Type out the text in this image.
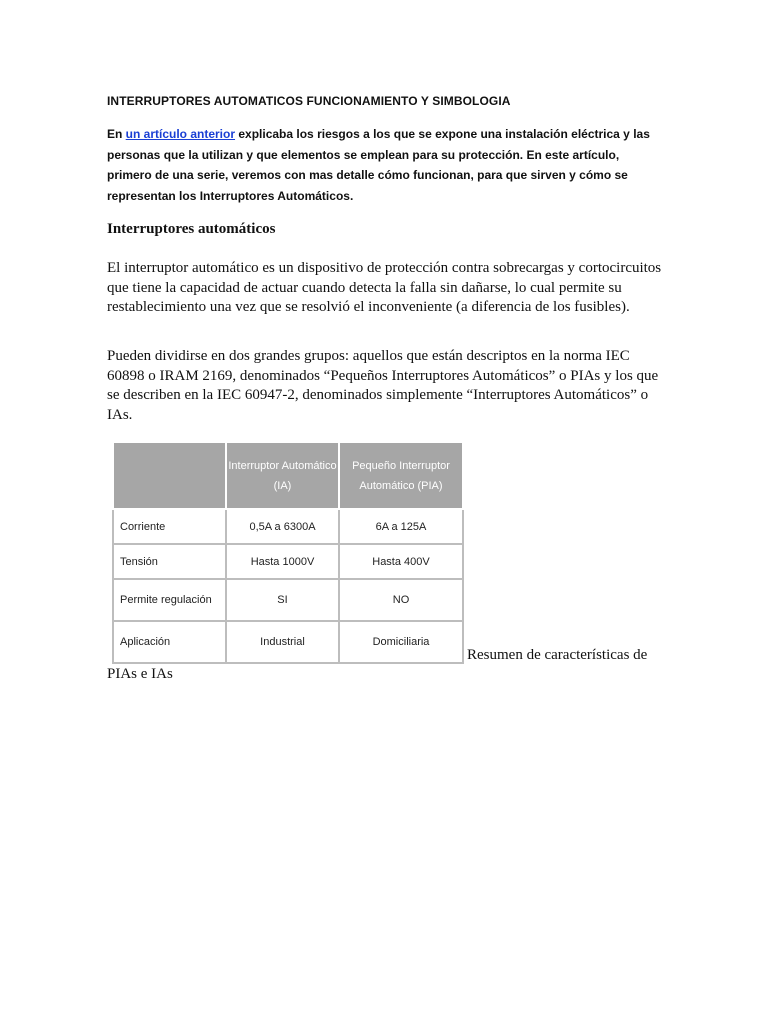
INTERRUPTORES AUTOMATICOS FUNCIONAMIENTO Y SIMBOLOGIA
En un artículo anterior explicaba los riesgos a los que se expone una instalación eléctrica y las personas que la utilizan y que elementos se emplean para su protección. En este artículo, primero de una serie, veremos con mas detalle cómo funcionan, para que sirven y cómo se representan los Interruptores Automáticos.
Interruptores automáticos
El interruptor automático es un dispositivo de protección contra sobrecargas y cortocircuitos que tiene la capacidad de actuar cuando detecta la falla sin dañarse, lo cual permite su restablecimiento una vez que se resolvió el inconveniente (a diferencia de los fusibles).
Pueden dividirse en dos grandes grupos: aquellos que están descriptos en la norma IEC 60898 o IRAM 2169, denominados “Pequeños Interruptores Automáticos” o PIAs y los que se describen en la IEC 60947-2, denominados simplemente “Interruptores Automáticos” o IAs.
	Interruptor Automático (IA)	Pequeño Interruptor Automático (PIA)
Corriente	0,5A a 6300A	6A a 125A
Tensión	Hasta 1000V	Hasta 400V
Permite regulación	SI	NO
Aplicación	Industrial	Domiciliaria
Resumen de características de
PIAs e IAs
